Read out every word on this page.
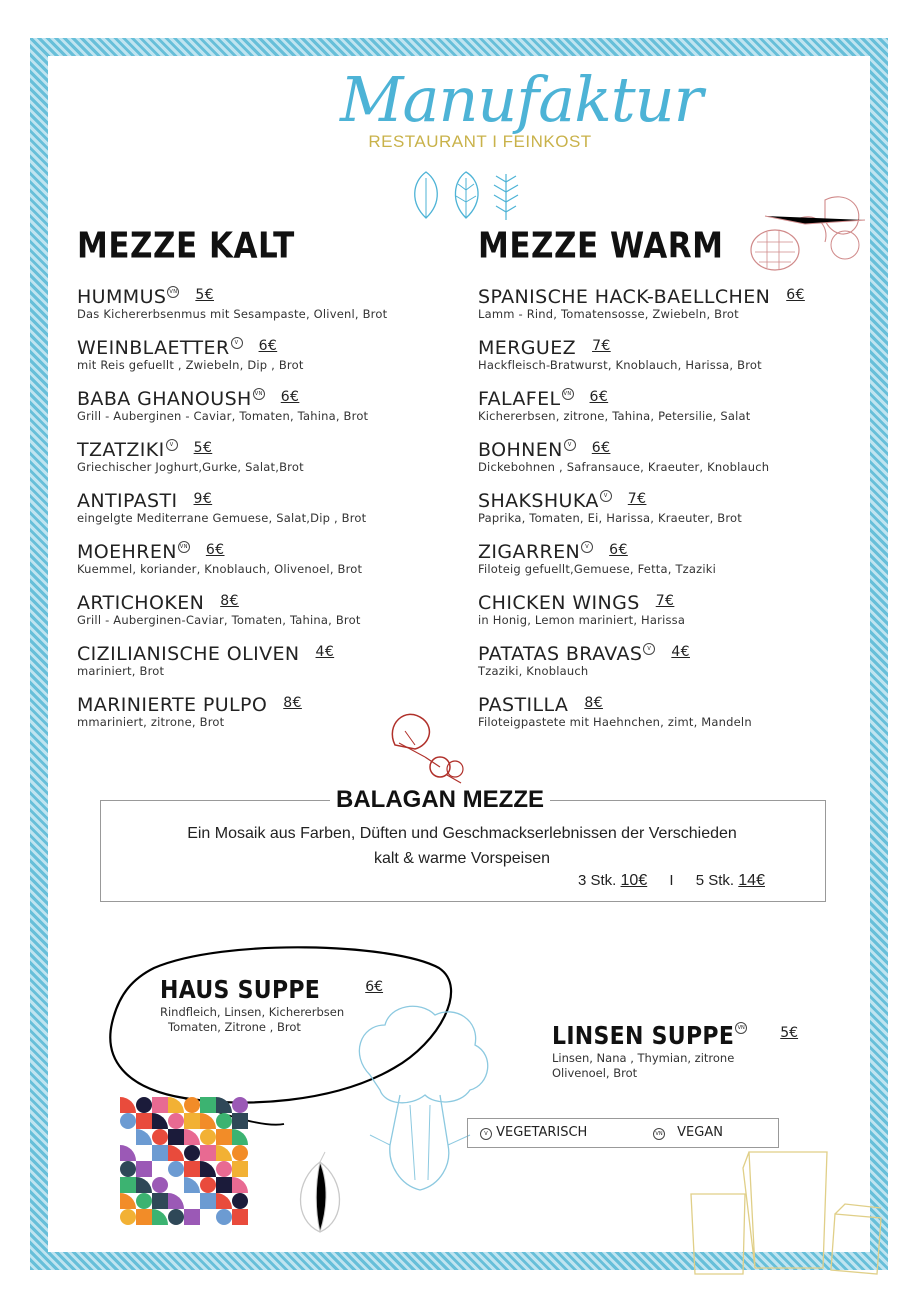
Manufaktur
RESTAURANT I FEINKOST
MEZZE KALT
HUMMUS VN 5€
Das Kichererbsenmus mit Sesampaste, Olivenl, Brot
WEINBLAETTER V 6€
mit Reis gefuellt , Zwiebeln, Dip , Brot
BABA GHANOUSH VN 6€
Grill - Auberginen - Caviar, Tomaten, Tahina, Brot
TZATZIKI V 5€
Griechischer Joghurt,Gurke, Salat,Brot
ANTIPASTI 9€
eingelgte Mediterrane Gemuese, Salat,Dip , Brot
MOEHREN VN 6€
Kuemmel, koriander, Knoblauch, Olivenoel, Brot
ARTICHOKEN 8€
Grill - Auberginen-Caviar, Tomaten, Tahina, Brot
CIZILIANISCHE OLIVEN 4€
mariniert, Brot
MARINIERTE PULPO 8€
mmariniert, zitrone, Brot
MEZZE WARM
SPANISCHE HACK-BAELLCHEN 6€
Lamm - Rind, Tomatensosse, Zwiebeln, Brot
MERGUEZ 7€
Hackfleisch-Bratwurst, Knoblauch, Harissa, Brot
FALAFEL VN 6€
Kichererbsen, zitrone, Tahina, Petersilie, Salat
BOHNEN V 6€
Dickebohnen , Safransauce, Kraeuter, Knoblauch
SHAKSHUKA V 7€
Paprika, Tomaten, Ei, Harissa, Kraeuter, Brot
ZIGARREN V 6€
Filoteig gefuellt,Gemuese, Fetta, Tzaziki
CHICKEN WINGS 7€
in Honig, Lemon mariniert, Harissa
PATATAS BRAVAS V 4€
Tzaziki, Knoblauch
PASTILLA 8€
Filoteigpastete mit Haehnchen, zimt, Mandeln
BALAGAN MEZZE
Ein Mosaik aus Farben, Düften und Geschmackserlebnissen der Verschieden
kalt & warme Vorspeisen
3 Stk. 10€ I 5 Stk. 14€
HAUS SUPPE	6€
Rindfleich, Linsen, Kichererbsen
Tomaten, Zitrone , Brot	LINSEN SUPPE VN	5€
Linsen, Nana , Thymian, zitrone
Olivenoel, Brot
V VEGETARISCH	VN VEGAN
